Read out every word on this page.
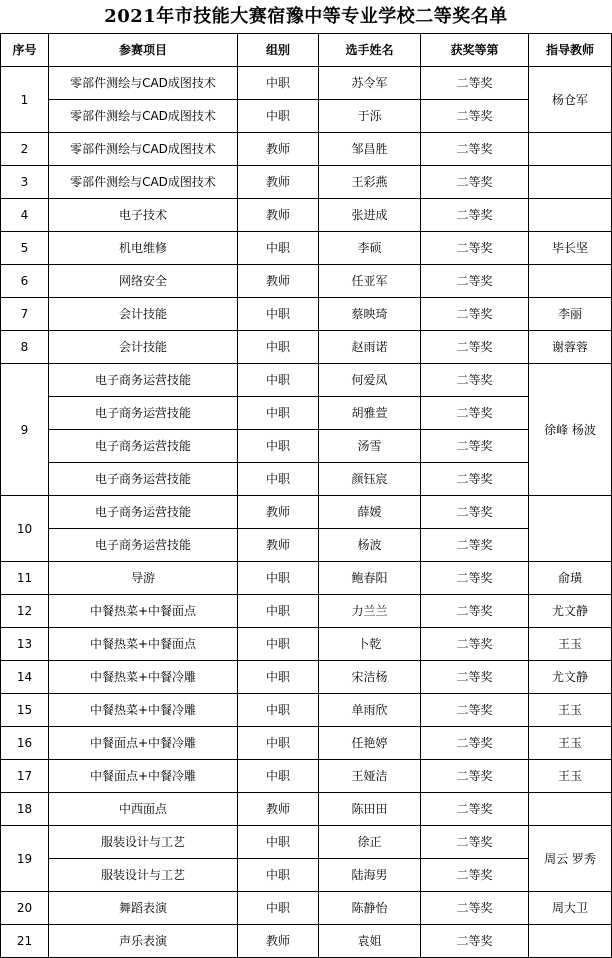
2021年市技能大赛宿豫中等专业学校二等奖名单
序号	参赛项目	组别	选手姓名	获奖等第	指导教师
1	零部件测绘与CAD成图技术	中职	苏令军	二等奖	杨仓军
	零部件测绘与CAD成图技术	中职	于泺	二等奖	
2	零部件测绘与CAD成图技术	教师	邹昌胜	二等奖	
3	零部件测绘与CAD成图技术	教师	王彩燕	二等奖	
4	电子技术	教师	张进成	二等奖	
5	机电维修	中职	李硕	二等奖	毕长坚
6	网络安全	教师	任亚军	二等奖	
7	会计技能	中职	蔡映琦	二等奖	李丽
8	会计技能	中职	赵雨诺	二等奖	谢蓉蓉
9	电子商务运营技能	中职	何爱凤	二等奖	徐峰 杨波
	电子商务运营技能	中职	胡雅萱	二等奖	
	电子商务运营技能	中职	汤雪	二等奖	
	电子商务运营技能	中职	颜钰宸	二等奖	
10	电子商务运营技能	教师	薛媛	二等奖	
	电子商务运营技能	教师	杨波	二等奖	
11	导游	中职	鲍春阳	二等奖	俞璜
12	中餐热菜+中餐面点	中职	力兰兰	二等奖	尤文静
13	中餐热菜+中餐面点	中职	卜乾	二等奖	王玉
14	中餐热菜+中餐冷雕	中职	宋洁杨	二等奖	尤文静
15	中餐热菜+中餐冷雕	中职	单雨欣	二等奖	王玉
16	中餐面点+中餐冷雕	中职	任艳婷	二等奖	王玉
17	中餐面点+中餐冷雕	中职	王娅洁	二等奖	王玉
18	中西面点	教师	陈田田	二等奖	
19	服装设计与工艺	中职	徐正	二等奖	周云 罗秀
	服装设计与工艺	中职	陆海男	二等奖	
20	舞蹈表演	中职	陈静怡	二等奖	周大卫
21	声乐表演	教师	袁姐	二等奖	
